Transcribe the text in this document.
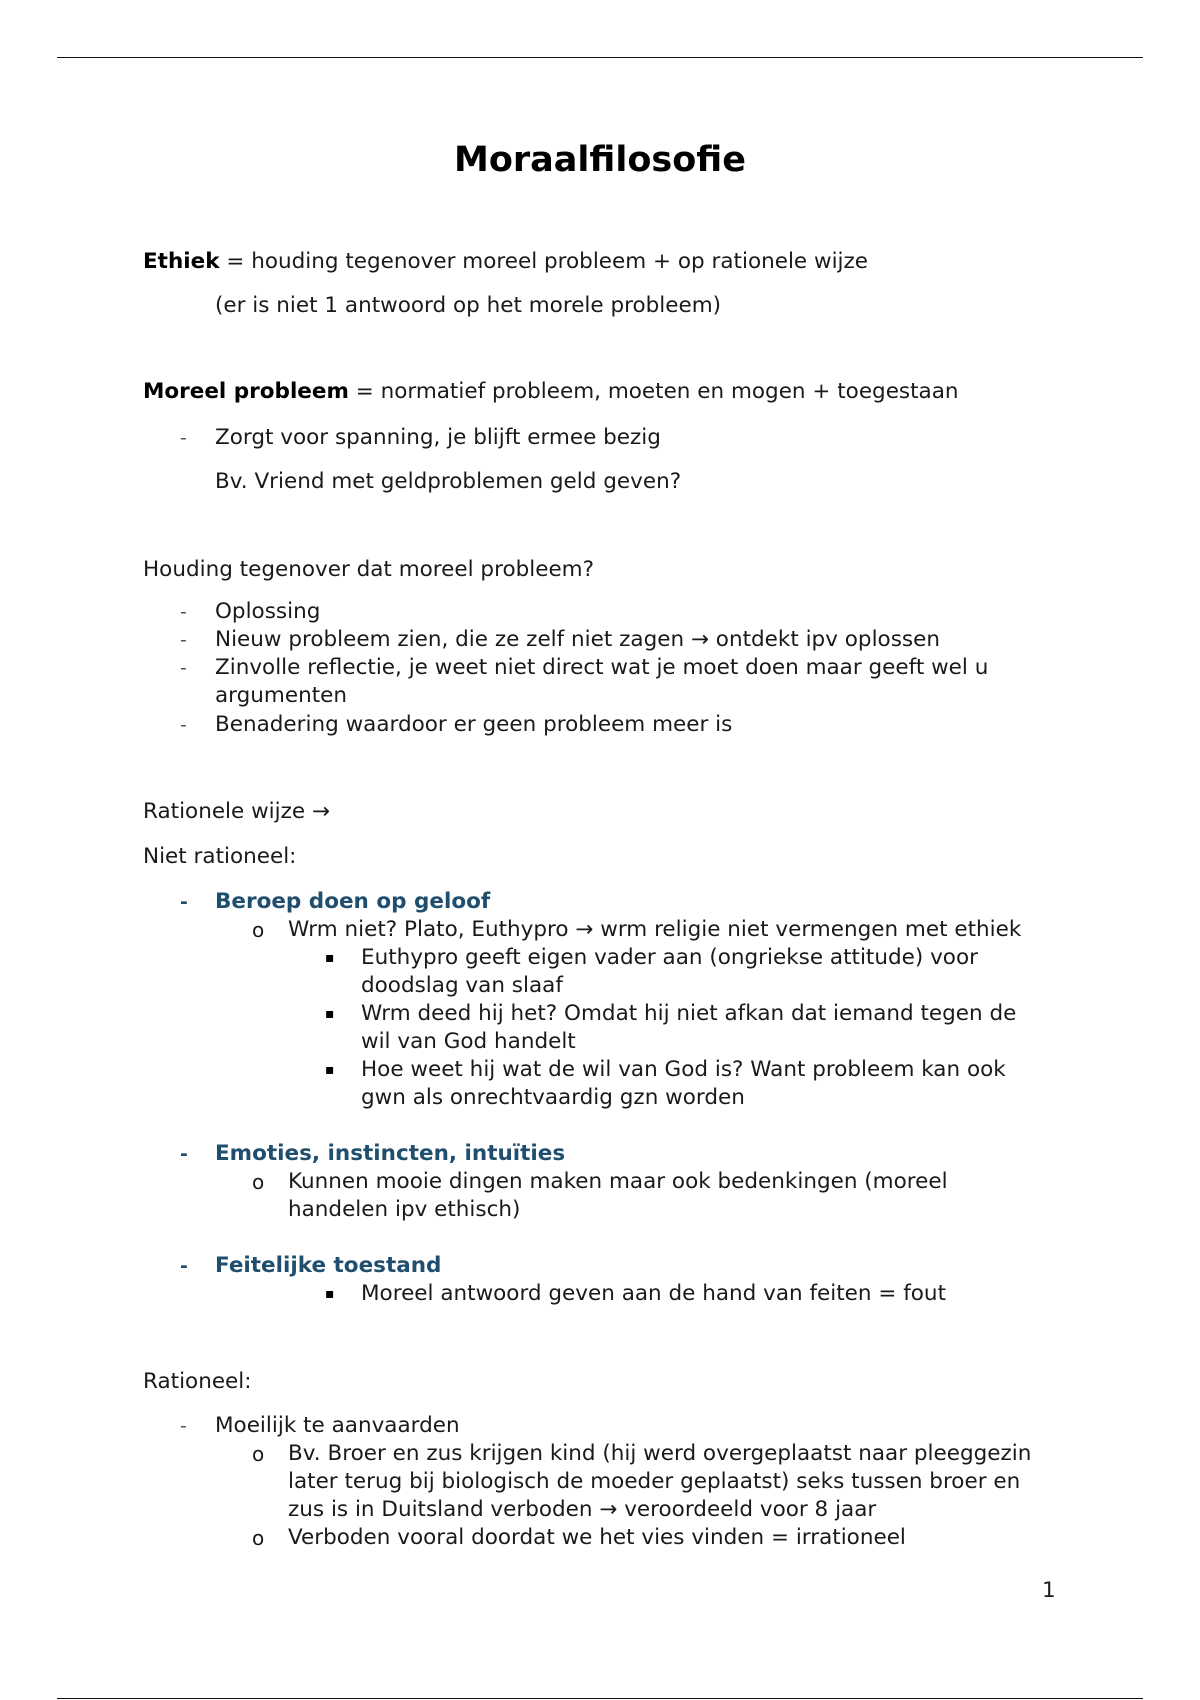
Moraalfilosofie
Ethiek = houding tegenover moreel probleem + op rationele wijze
(er is niet 1 antwoord op het morele probleem)
Moreel probleem = normatief probleem, moeten en mogen + toegestaan
- Zorgt voor spanning, je blijft ermee bezig
Bv. Vriend met geldproblemen geld geven?
Houding tegenover dat moreel probleem?
- Oplossing
- Nieuw probleem zien, die ze zelf niet zagen → ontdekt ipv oplossen
- Zinvolle reflectie, je weet niet direct wat je moet doen maar geeft wel u
argumenten
- Benadering waardoor er geen probleem meer is
Rationele wijze →
Niet rationeel:
- Beroep doen op geloof
o Wrm niet? Plato, Euthypro → wrm religie niet vermengen met ethiek
▪ Euthypro geeft eigen vader aan (ongriekse attitude) voor
doodslag van slaaf
▪ Wrm deed hij het? Omdat hij niet afkan dat iemand tegen de
wil van God handelt
▪ Hoe weet hij wat de wil van God is? Want probleem kan ook
gwn als onrechtvaardig gzn worden
- Emoties, instincten, intuïties
o Kunnen mooie dingen maken maar ook bedenkingen (moreel
handelen ipv ethisch)
- Feitelijke toestand
▪ Moreel antwoord geven aan de hand van feiten = fout
Rationeel:
- Moeilijk te aanvaarden
o Bv. Broer en zus krijgen kind (hij werd overgeplaatst naar pleeggezin
later terug bij biologisch de moeder geplaatst) seks tussen broer en
zus is in Duitsland verboden → veroordeeld voor 8 jaar
o Verboden vooral doordat we het vies vinden = irrationeel
1
